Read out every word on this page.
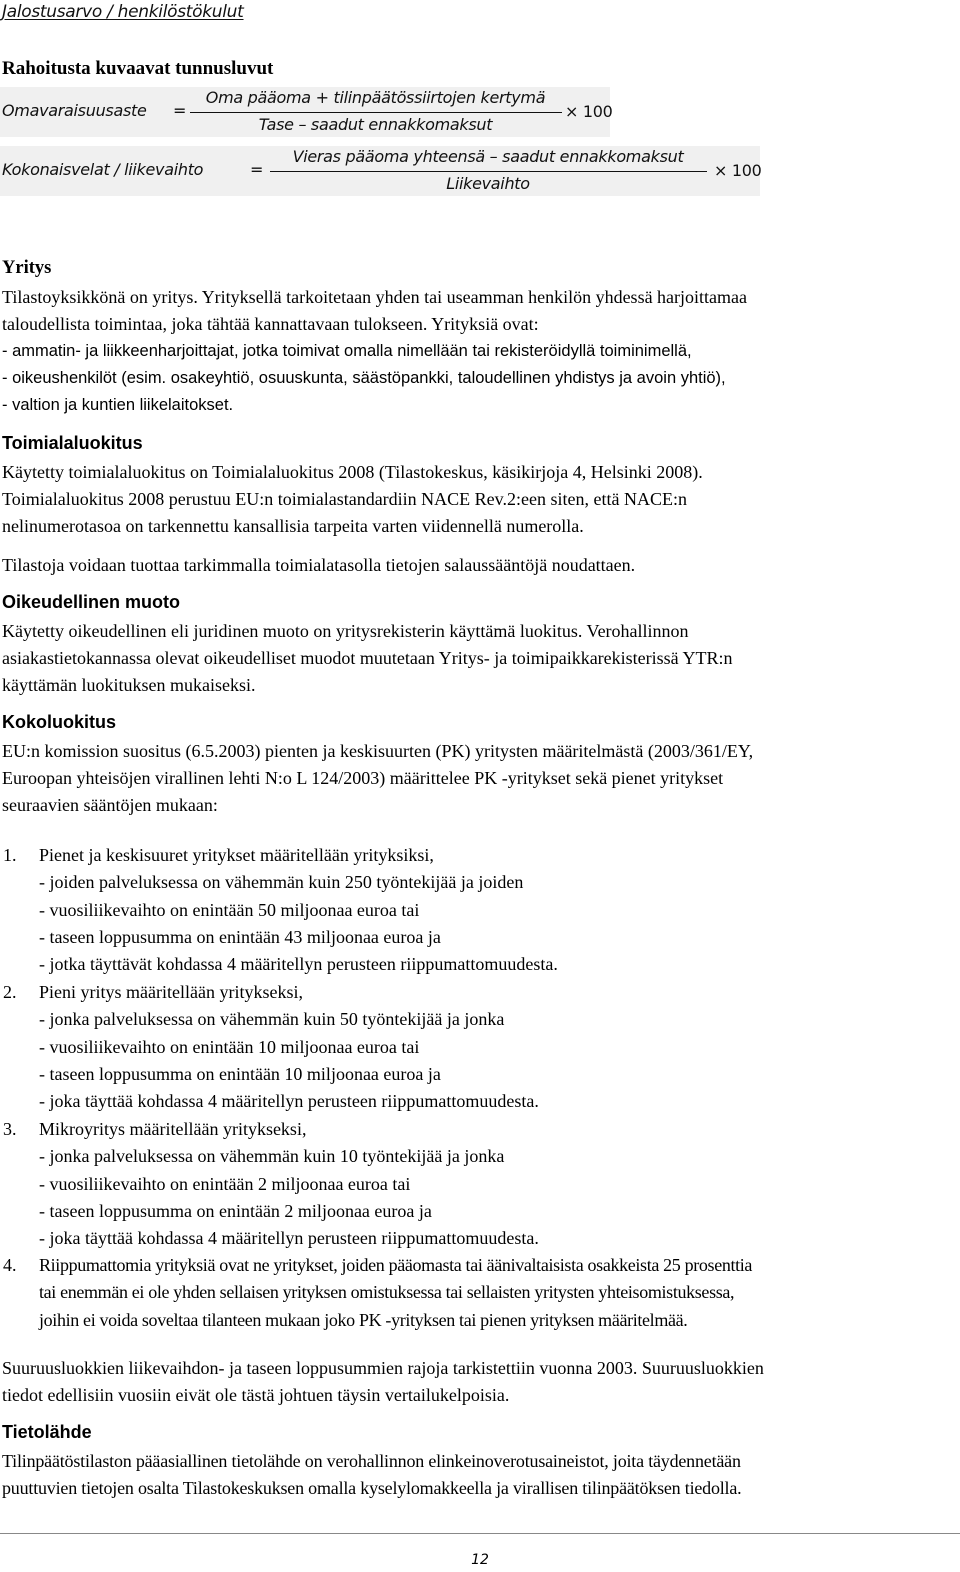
Jalostusarvo / henkilöstökulut
Rahoitusta kuvaavat tunnusluvut
Omavaraisuusaste =
Oma pääoma + tilinpäätössiirtojen kertymä
Tase – saadut ennakkomaksut
× 100
Kokonaisvelat / liikevaihto	=
Vieras pääoma yhteensä – saadut ennakkomaksut
Liikevaihto
× 100
Yritys
Tilastoyksikkönä on yritys. Yrityksellä tarkoitetaan yhden tai useamman henkilön yhdessä harjoittamaa
taloudellista toimintaa, joka tähtää kannattavaan tulokseen. Yrityksiä ovat:
- ammatin- ja liikkeenharjoittajat, jotka toimivat omalla nimellään tai rekisteröidyllä toiminimellä,
- oikeushenkilöt (esim. osakeyhtiö, osuuskunta, säästöpankki, taloudellinen yhdistys ja avoin yhtiö),
- valtion ja kuntien liikelaitokset.
Toimialaluokitus
Käytetty toimialaluokitus on Toimialaluokitus 2008 (Tilastokeskus, käsikirjoja 4, Helsinki 2008).
Toimialaluokitus 2008 perustuu EU:n toimialastandardiin NACE Rev.2:een siten, että NACE:n
nelinumerotasoa on tarkennettu kansallisia tarpeita varten viidennellä numerolla.
Tilastoja voidaan tuottaa tarkimmalla toimialatasolla tietojen salaussääntöjä noudattaen.
Oikeudellinen muoto
Käytetty oikeudellinen eli juridinen muoto on yritysrekisterin käyttämä luokitus. Verohallinnon
asiakastietokannassa olevat oikeudelliset muodot muutetaan Yritys- ja toimipaikkarekisterissä YTR:n
käyttämän luokituksen mukaiseksi.
Kokoluokitus
EU:n komission suositus (6.5.2003) pienten ja keskisuurten (PK) yritysten määritelmästä (2003/361/EY,
Euroopan yhteisöjen virallinen lehti N:o L 124/2003) määrittelee PK -yritykset sekä pienet yritykset
seuraavien sääntöjen mukaan:
1. Pienet ja keskisuuret yritykset määritellään yrityksiksi,
- joiden palveluksessa on vähemmän kuin 250 työntekijää ja joiden
- vuosiliikevaihto on enintään 50 miljoonaa euroa tai
- taseen loppusumma on enintään 43 miljoonaa euroa ja
- jotka täyttävät kohdassa 4 määritellyn perusteen riippumattomuudesta.
2. Pieni yritys määritellään yritykseksi,
- jonka palveluksessa on vähemmän kuin 50 työntekijää ja jonka
- vuosiliikevaihto on enintään 10 miljoonaa euroa tai
- taseen loppusumma on enintään 10 miljoonaa euroa ja
- joka täyttää kohdassa 4 määritellyn perusteen riippumattomuudesta.
3. Mikroyritys määritellään yritykseksi,
- jonka palveluksessa on vähemmän kuin 10 työntekijää ja jonka
- vuosiliikevaihto on enintään 2 miljoonaa euroa tai
- taseen loppusumma on enintään 2 miljoonaa euroa ja
- joka täyttää kohdassa 4 määritellyn perusteen riippumattomuudesta.
4. Riippumattomia yrityksiä ovat ne yritykset, joiden pääomasta tai äänivaltaisista osakkeista 25 prosenttia
tai enemmän ei ole yhden sellaisen yrityksen omistuksessa tai sellaisten yritysten yhteisomistuksessa,
joihin ei voida soveltaa tilanteen mukaan joko PK -yrityksen tai pienen yrityksen määritelmää.
Suuruusluokkien liikevaihdon- ja taseen loppusummien rajoja tarkistettiin vuonna 2003. Suuruusluokkien
tiedot edellisiin vuosiin eivät ole tästä johtuen täysin vertailukelpoisia.
Tietolähde
Tilinpäätöstilaston pääasiallinen tietolähde on verohallinnon elinkeinoverotusaineistot, joita täydennetään
puuttuvien tietojen osalta Tilastokeskuksen omalla kyselylomakkeella ja virallisen tilinpäätöksen tiedolla.
12
